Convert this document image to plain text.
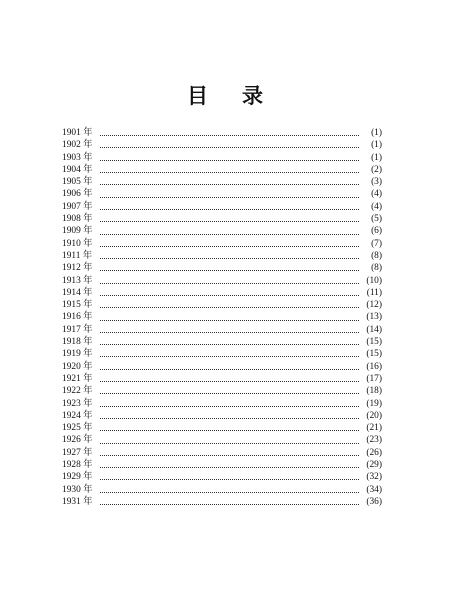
目 录
1901 年	(1)
1902 年	(1)
1903 年	(1)
1904 年	(2)
1905 年	(3)
1906 年	(4)
1907 年	(4)
1908 年	(5)
1909 年	(6)
1910 年	(7)
1911 年	(8)
1912 年	(8)
1913 年	(10)
1914 年	(11)
1915 年	(12)
1916 年	(13)
1917 年	(14)
1918 年	(15)
1919 年	(15)
1920 年	(16)
1921 年	(17)
1922 年	(18)
1923 年	(19)
1924 年	(20)
1925 年	(21)
1926 年	(23)
1927 年	(26)
1928 年	(29)
1929 年	(32)
1930 年	(34)
1931 年	(36)
